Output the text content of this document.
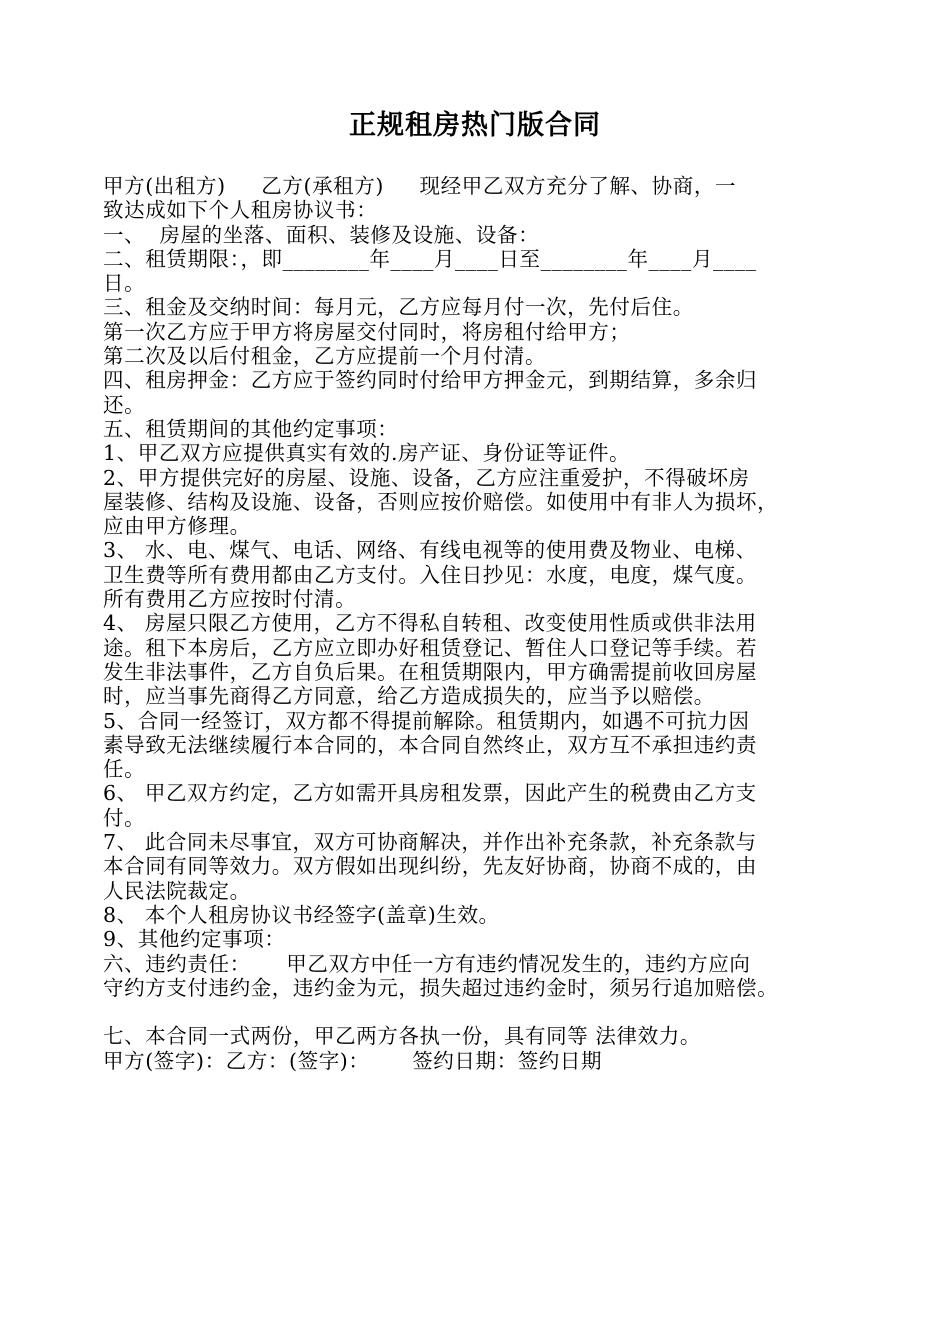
正规租房热门版合同
甲方(出租方)     乙方(承租方)     现经甲乙双方充分了解、协商，一
致达成如下个人租房协议书：
一、  房屋的坐落、面积、装修及设施、设备：
二、租赁期限：，即________年____月____日至________年____月____
日。
三、租金及交纳时间：每月元，乙方应每月付一次，先付后住。
第一次乙方应于甲方将房屋交付同时，将房租付给甲方；
第二次及以后付租金，乙方应提前一个月付清。
四、租房押金：乙方应于签约同时付给甲方押金元，到期结算，多余归
还。
五、租赁期间的其他约定事项：
1、甲乙双方应提供真实有效的.房产证、身份证等证件。
2、甲方提供完好的房屋、设施、设备，乙方应注重爱护，不得破坏房
屋装修、结构及设施、设备，否则应按价赔偿。如使用中有非人为损坏，
应由甲方修理。
3、 水、电、煤气、电话、网络、有线电视等的使用费及物业、电梯、
卫生费等所有费用都由乙方支付。入住日抄见：水度，电度，煤气度。
所有费用乙方应按时付清。
4、 房屋只限乙方使用，乙方不得私自转租、改变使用性质或供非法用
途。租下本房后，乙方应立即办好租赁登记、暂住人口登记等手续。若
发生非法事件，乙方自负后果。在租赁期限内，甲方确需提前收回房屋
时，应当事先商得乙方同意，给乙方造成损失的，应当予以赔偿。
5、合同一经签订，双方都不得提前解除。租赁期内，如遇不可抗力因
素导致无法继续履行本合同的，本合同自然终止，双方互不承担违约责
任。
6、 甲乙双方约定，乙方如需开具房租发票，因此产生的税费由乙方支
付。
7、 此合同未尽事宜，双方可协商解决，并作出补充条款，补充条款与
本合同有同等效力。双方假如出现纠纷，先友好协商，协商不成的，由
人民法院裁定。
8、 本个人租房协议书经签字(盖章)生效。
9、其他约定事项：
六、违约责任：     甲乙双方中任一方有违约情况发生的，违约方应向
守约方支付违约金，违约金为元，损失超过违约金时，须另行追加赔偿。
七、本合同一式两份，甲乙两方各执一份，具有同等 法律效力。
甲方(签字)：乙方：(签字)：      签约日期：签约日期
